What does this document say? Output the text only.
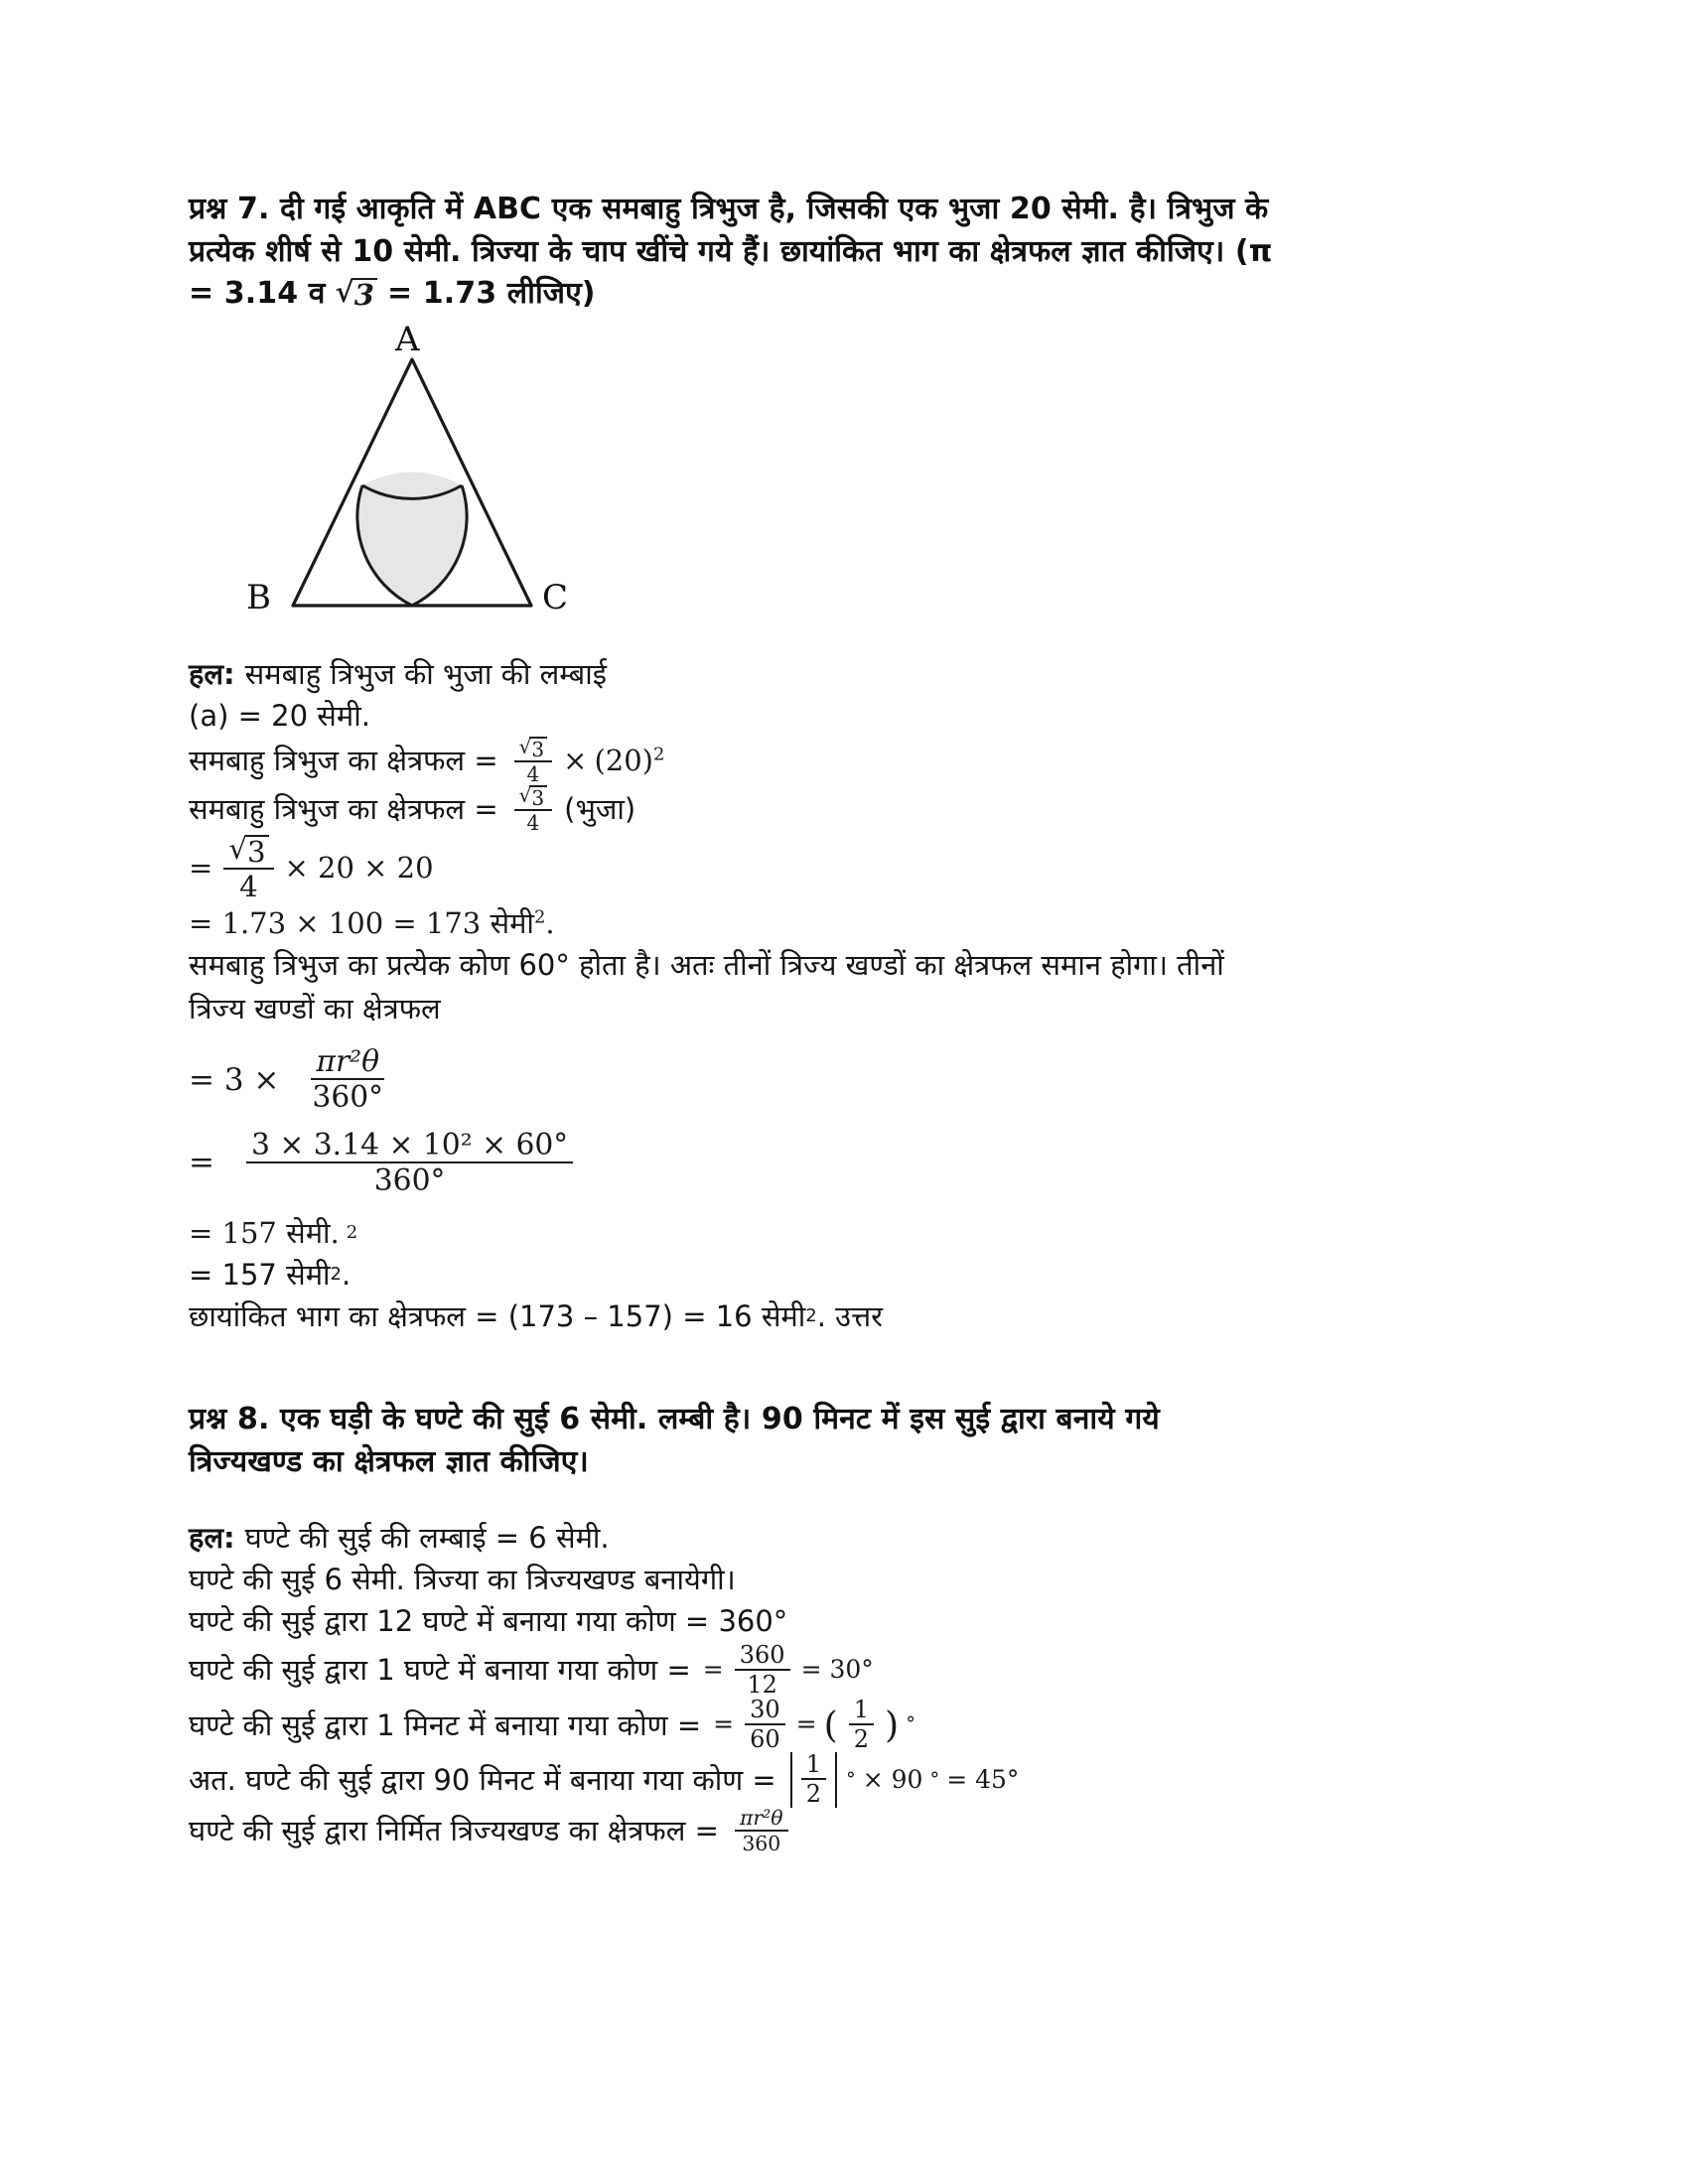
प्रश्न 7. दी गई आकृति में ABC एक समबाहु त्रिभुज है, जिसकी एक भुजा 20 सेमी. है। त्रिभुज के
प्रत्येक शीर्ष से 10 सेमी. त्रिज्या के चाप खींचे गये हैं। छायांकित भाग का क्षेत्रफल ज्ञात कीजिए। (π
= 3.14 व √ 3 = 1.73 लीजिए)
A
B	C
हल: समबाहु त्रिभुज की भुजा की लम्बाई
(a) = 20 सेमी.
समबाहु त्रिभुज का क्षेत्रफल = $\frac{√ 3}{4} \times (20)^2$
समबाहु त्रिभुज का क्षेत्रफल = $\frac{√ 3}{4}$ (भुजा)
= $\frac{√ 3}{4} \times 20 \times 20$
= 1.73 × 100 = 173 सेमी$^2$.
समबाहु त्रिभुज का प्रत्येक कोण 60° होता है। अतः तीनों त्रिज्य खण्डों का क्षेत्रफल समान होगा। तीनों
त्रिज्य खण्डों का क्षेत्रफल
= $3 \times \frac{\text{πr²θ}}{360^\circ}$
= $\frac{\text{3 × 3.14 × 10² × 60°}}{360^\circ}$
= 157 सेमी. 2
= 157 सेमी 2 .
छायांकित भाग का क्षेत्रफल = (173 – 157) = 16 सेमी 2 . उत्तर
प्रश्न 8. एक घड़ी के घण्टे की सुई 6 सेमी. लम्बी है। 90 मिनट में इस सुई द्वारा बनाये गये
त्रिज्यखण्ड का क्षेत्रफल ज्ञात कीजिए।
हल: घण्टे की सुई की लम्बाई = 6 सेमी.
घण्टे की सुई 6 सेमी. त्रिज्या का त्रिज्यखण्ड बनायेगी।
घण्टे की सुई द्वारा 12 घण्टे में बनाया गया कोण = 360°
घण्टे की सुई द्वारा 1 घण्टे में बनाया गया कोण = = $\frac{360}{12} = 30^\circ$
घण्टे की सुई द्वारा 1 मिनट में बनाया गया कोण = = $\frac{30}{60}$ = ( $\frac{1}{2}$ ) °
अत. घण्टे की सुई द्वारा 90 मिनट में बनाया गया कोण = $\frac{1}{2}$ ° × 90 ° = 45°
घण्टे की सुई द्वारा निर्मित त्रिज्यखण्ड का क्षेत्रफल = $\frac{\text{πr²θ}}{360}$
